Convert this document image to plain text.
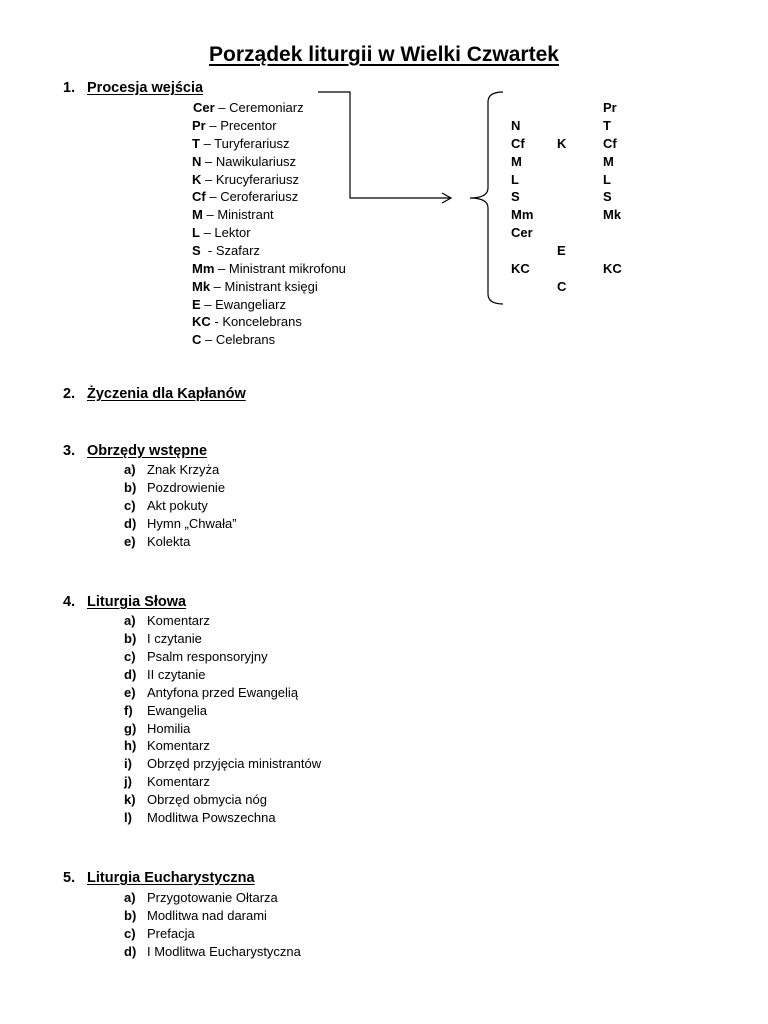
Porządek liturgii w Wielki Czwartek
1. Procesja wejścia
Cer – Ceremoniarz
Pr – Precentor
T – Turyferariusz
N – Nawikulariusz
K – Krucyferariusz
Cf – Ceroferariusz
M – Ministrant
L – Lektor
S  - Szafarz
Mm – Ministrant mikrofonu
Mk – Ministrant księgi
E – Ewangeliarz
KC - Koncelebrans
C – Celebrans
N
Cf
M
L
S
Mm
Cer
KC
K
E
C
Pr
T
Cf
M
L
S
Mk
KC
2. Życzenia dla Kapłanów
3. Obrzędy wstępne
a) Znak Krzyża
b) Pozdrowienie
c) Akt pokuty
d) Hymn „Chwała”
e) Kolekta
4. Liturgia Słowa
a) Komentarz
b) I czytanie
c) Psalm responsoryjny
d) II czytanie
e) Antyfona przed Ewangelią
f) Ewangelia
g) Homilia
h) Komentarz
i) Obrzęd przyjęcia ministrantów
j) Komentarz
k) Obrzęd obmycia nóg
l) Modlitwa Powszechna
5. Liturgia Eucharystyczna
a) Przygotowanie Ołtarza
b) Modlitwa nad darami
c) Prefacja
d) I Modlitwa Eucharystyczna
